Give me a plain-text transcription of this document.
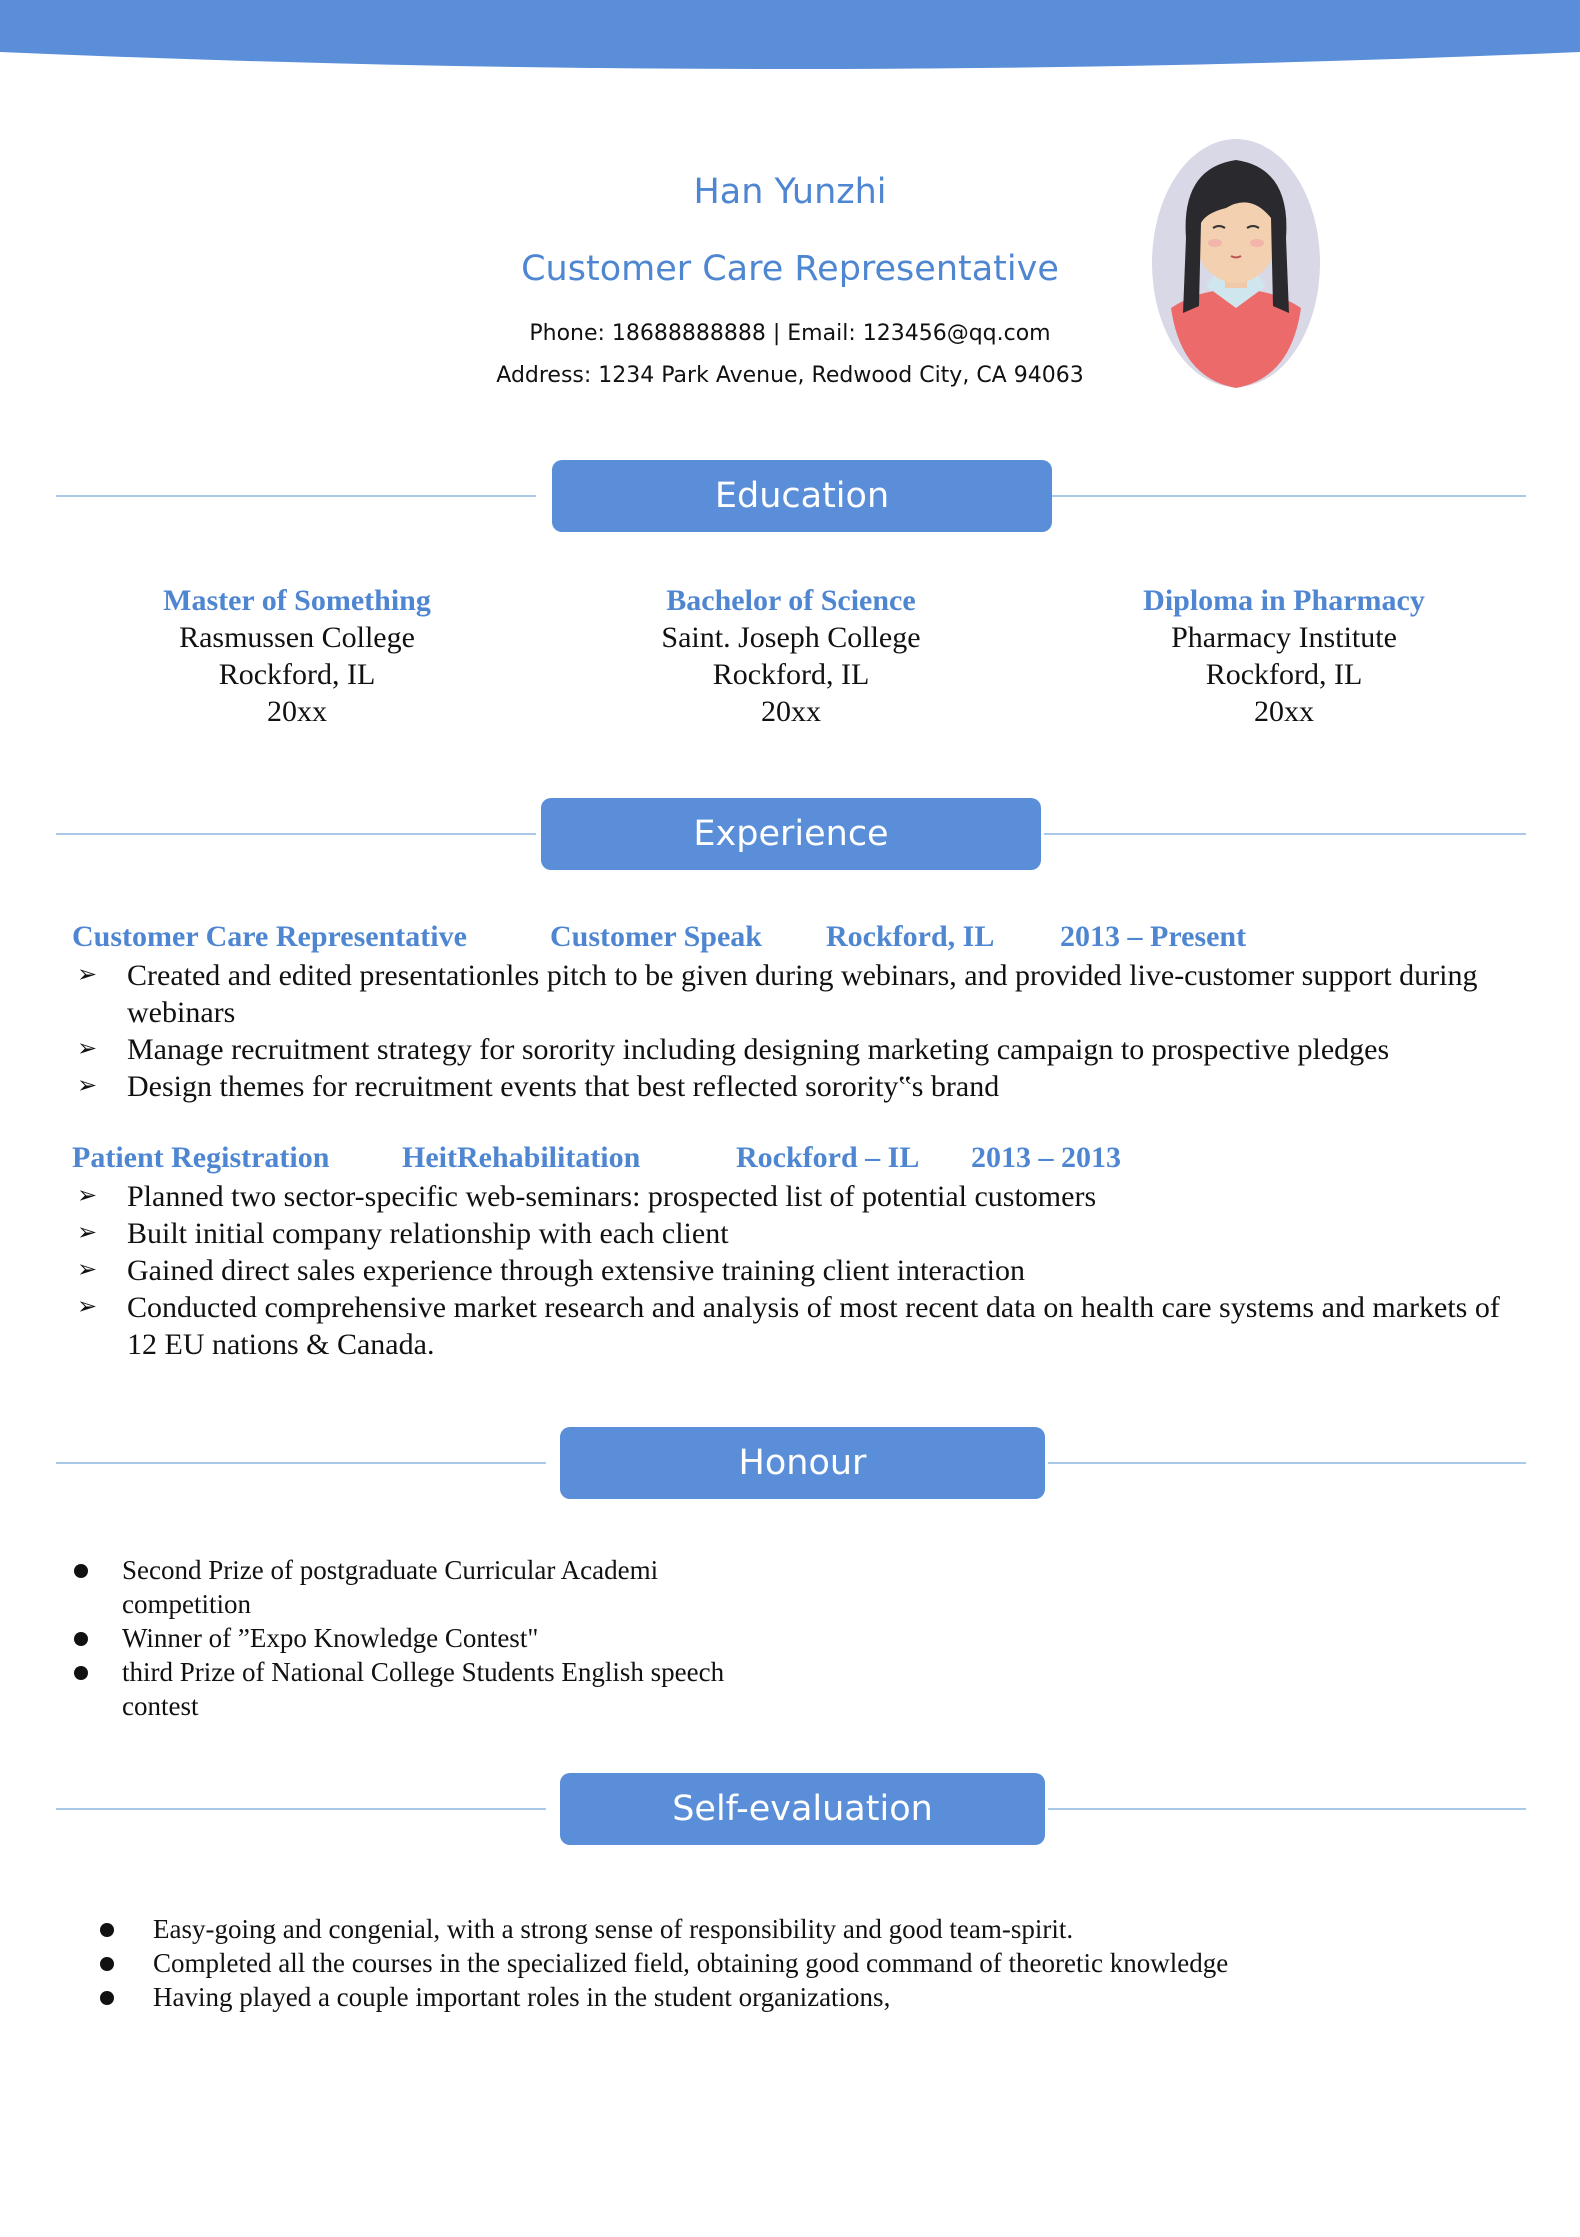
Han Yunzhi
Customer Care Representative
Phone: 18688888888 | Email: 123456@qq.com
Address: 1234 Park Avenue, Redwood City, CA 94063
Education
Master of Something
Rasmussen College
Rockford, IL
20xx
Bachelor of Science
Saint. Joseph College
Rockford, IL
20xx
Diploma in Pharmacy
Pharmacy Institute
Rockford, IL
20xx
Experience
Customer Care Representative	Customer Speak Rockford, IL 2013 – Present
➢ Created and edited presentationles pitch to be given during webinars, and provided live-customer support during webinars
➢ Manage recruitment strategy for sorority including designing marketing campaign to prospective pledges
➢ Design themes for recruitment events that best reflected sorority‟s brand
Patient Registration HeitRehabilitation	Rockford – IL 2013 – 2013
➢ Planned two sector-specific web-seminars: prospected list of potential customers
➢ Built initial company relationship with each client
➢ Gained direct sales experience through extensive training client interaction
➢ Conducted comprehensive market research and analysis of most recent data on health care systems and markets of 12 EU nations & Canada.
Honour
Second Prize of postgraduate Curricular Academi competition
Winner of ”Expo Knowledge Contest"
third Prize of National College Students English speech contest
Self-evaluation
Easy-going and congenial, with a strong sense of responsibility and good team-spirit.
Completed all the courses in the specialized field, obtaining good command of theoretic knowledge
Having played a couple important roles in the student organizations,
